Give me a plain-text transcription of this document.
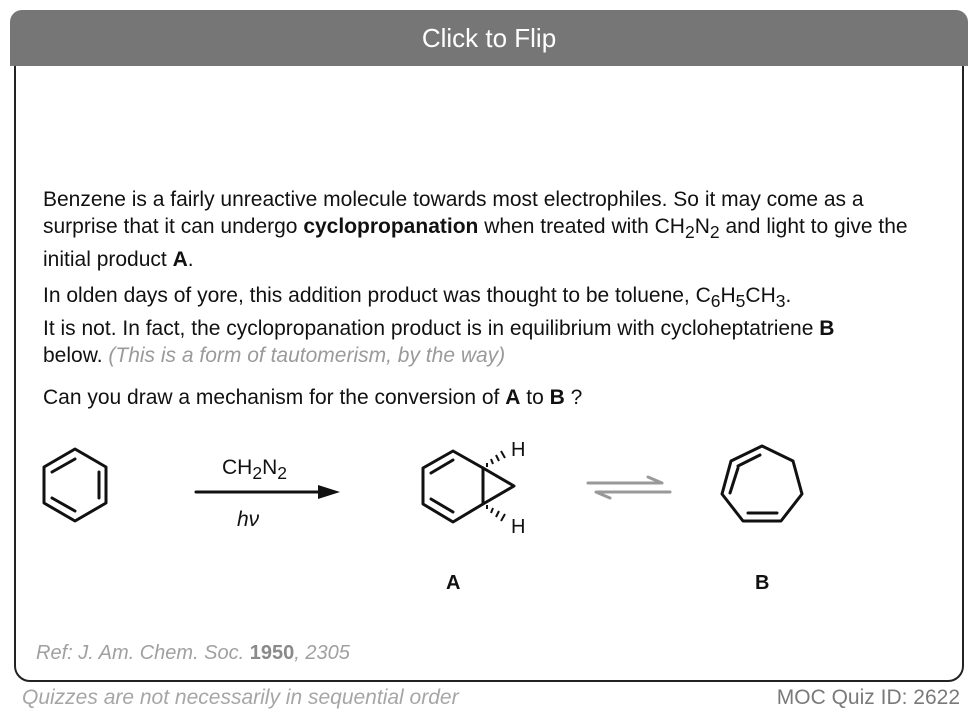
Click to Flip

Benzene is a fairly unreactive molecule towards most electrophiles. So it may come as a surprise that it can undergo cyclopropanation when treated with $CH_2N_2$ and light to give the initial product A.

In olden days of yore, this addition product was thought to be toluene, $C_6H_5CH_3$.
It is not. In fact, the cyclopropanation product is in equilibrium with cycloheptatriene B
below. (This is a form of tautomerism, by the way)

Can you draw a mechanism for the conversion of A to B ?

$CH_2N_2$
hν
H
H
A	B
Ref: J. Am. Chem. Soc. 1950, 2305
Quizzes are not necessarily in sequential order	MOC Quiz ID: 2622
